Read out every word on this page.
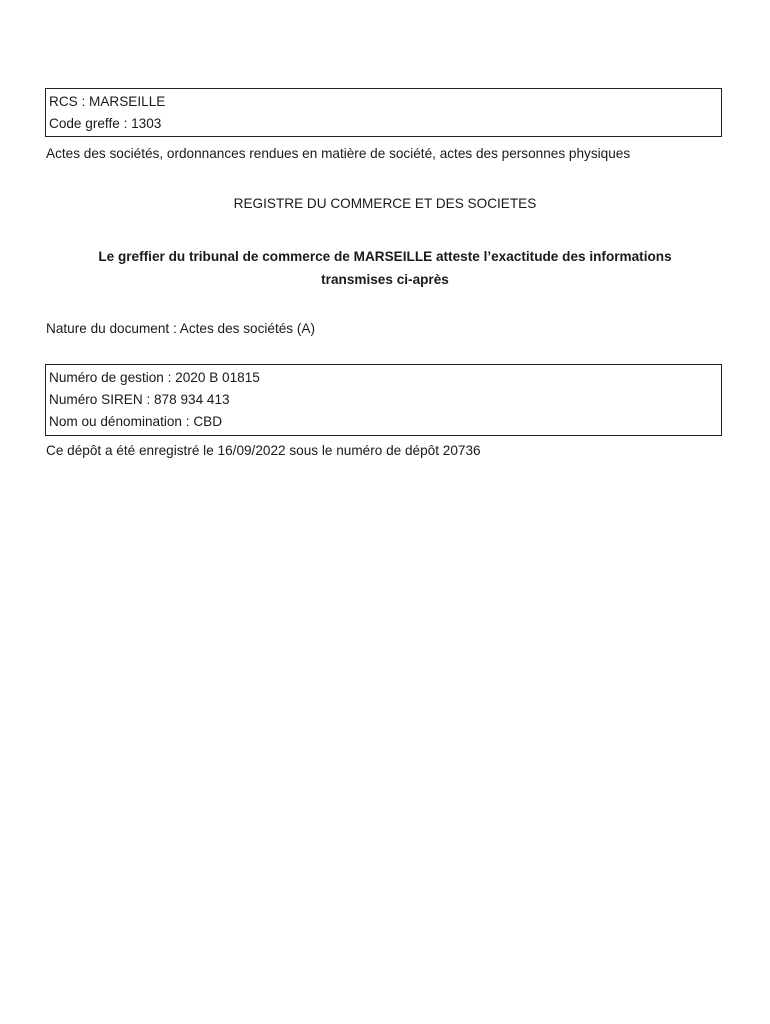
RCS : MARSEILLE
Code greffe : 1303
Actes des sociétés, ordonnances rendues en matière de société, actes des personnes physiques
REGISTRE DU COMMERCE ET DES SOCIETES
Le greffier du tribunal de commerce de MARSEILLE atteste l’exactitude des informations
transmises ci-après
Nature du document : Actes des sociétés (A)
Numéro de gestion : 2020 B 01815
Numéro SIREN : 878 934 413
Nom ou dénomination : CBD
Ce dépôt a été enregistré le 16/09/2022 sous le numéro de dépôt 20736
